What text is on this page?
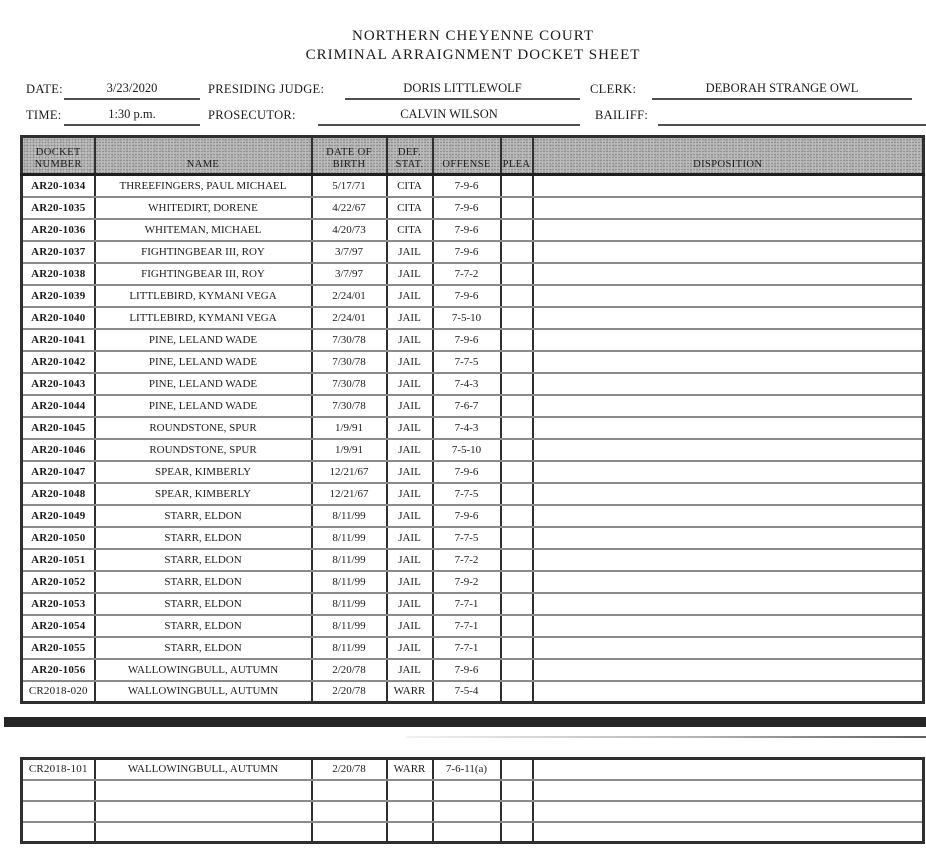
NORTHERN CHEYENNE COURT
CRIMINAL ARRAIGNMENT DOCKET SHEET
DATE:	3/23/2020	PRESIDING JUDGE:	DORIS LITTLEWOLF	CLERK:	DEBORAH STRANGE OWL
TIME:	1:30 p.m.	PROSECUTOR:	CALVIN WILSON	BAILIFF:
DOCKET NUMBER	NAME	DATE OF BIRTH	DEF. STAT.	OFFENSE	PLEA	DISPOSITION
AR20-1034	THREEFINGERS, PAUL MICHAEL	5/17/71	CITA	7-9-6		
AR20-1035	WHITEDIRT, DORENE	4/22/67	CITA	7-9-6		
AR20-1036	WHITEMAN, MICHAEL	4/20/73	CITA	7-9-6		
AR20-1037	FIGHTINGBEAR III, ROY	3/7/97	JAIL	7-9-6		
AR20-1038	FIGHTINGBEAR III, ROY	3/7/97	JAIL	7-7-2		
AR20-1039	LITTLEBIRD, KYMANI VEGA	2/24/01	JAIL	7-9-6		
AR20-1040	LITTLEBIRD, KYMANI VEGA	2/24/01	JAIL	7-5-10		
AR20-1041	PINE, LELAND WADE	7/30/78	JAIL	7-9-6		
AR20-1042	PINE, LELAND WADE	7/30/78	JAIL	7-7-5		
AR20-1043	PINE, LELAND WADE	7/30/78	JAIL	7-4-3		
AR20-1044	PINE, LELAND WADE	7/30/78	JAIL	7-6-7		
AR20-1045	ROUNDSTONE, SPUR	1/9/91	JAIL	7-4-3		
AR20-1046	ROUNDSTONE, SPUR	1/9/91	JAIL	7-5-10		
AR20-1047	SPEAR, KIMBERLY	12/21/67	JAIL	7-9-6		
AR20-1048	SPEAR, KIMBERLY	12/21/67	JAIL	7-7-5		
AR20-1049	STARR, ELDON	8/11/99	JAIL	7-9-6		
AR20-1050	STARR, ELDON	8/11/99	JAIL	7-7-5		
AR20-1051	STARR, ELDON	8/11/99	JAIL	7-7-2		
AR20-1052	STARR, ELDON	8/11/99	JAIL	7-9-2		
AR20-1053	STARR, ELDON	8/11/99	JAIL	7-7-1		
AR20-1054	STARR, ELDON	8/11/99	JAIL	7-7-1		
AR20-1055	STARR, ELDON	8/11/99	JAIL	7-7-1		
AR20-1056	WALLOWINGBULL, AUTUMN	2/20/78	JAIL	7-9-6		
CR2018-020	WALLOWINGBULL, AUTUMN	2/20/78	WARR	7-5-4		
CR2018-101	WALLOWINGBULL, AUTUMN	2/20/78	WARR	7-6-11(a)		
